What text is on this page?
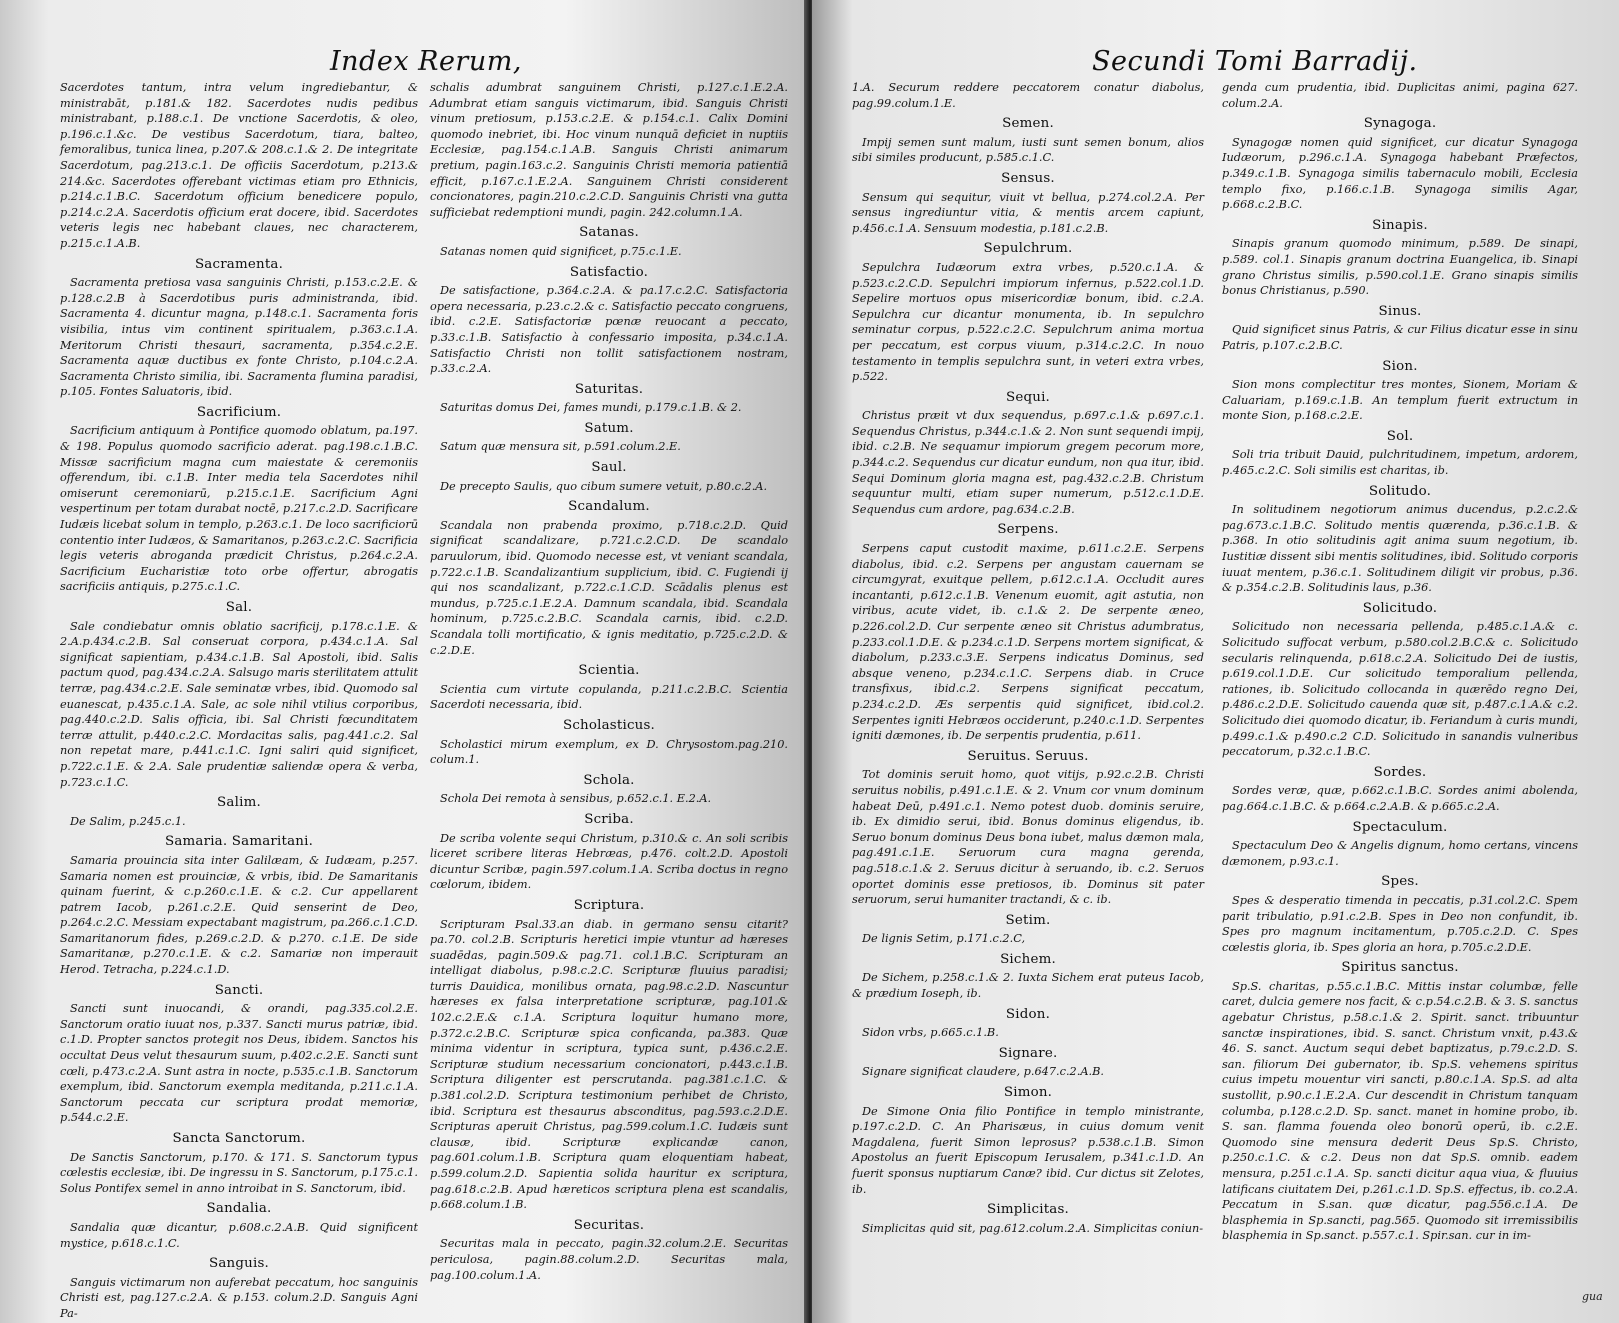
Index Rerum,
Sacerdotes tantum, intra velum ingrediebantur, & ministrabāt, p.181.& 182. Sacerdotes nudis pedibus ministrabant, p.188.c.1. De vnctione Sacerdotis, & oleo, p.196.c.1.&c. De vestibus Sacerdotum, tiara, balteo, femoralibus, tunica linea, p.207.& 208.c.1.& 2. De integritate Sacerdotum, pag.213.c.1. De officiis Sacerdotum, p.213.& 214.&c. Sacerdotes offerebant victimas etiam pro Ethnicis, p.214.c.1.B.C. Sacerdotum officium benedicere populo, p.214.c.2.A. Sacerdotis officium erat docere, ibid. Sacerdotes veteris legis nec habebant claues, nec characterem, p.215.c.1.A.B.
Sacramenta.
Sacramenta pretiosa vasa sanguinis Christi, p.153.c.2.E. & p.128.c.2.B à Sacerdotibus puris administranda, ibid. Sacramenta 4. dicuntur magna, p.148.c.1. Sacramenta foris visibilia, intus vim continent spiritualem, p.363.c.1.A. Meritorum Christi thesauri, sacramenta, p.354.c.2.E. Sacramenta aquæ ductibus ex fonte Christo, p.104.c.2.A. Sacramenta Christo similia, ibi. Sacramenta flumina paradisi, p.105. Fontes Saluatoris, ibid.
Sacrificium.
Sacrificium antiquum à Pontifice quomodo oblatum, pa.197. & 198. Populus quomodo sacrificio aderat. pag.198.c.1.B.C. Missæ sacrificium magna cum maiestate & ceremoniis offerendum, ibi. c.1.B. Inter media tela Sacerdotes nihil omiserunt ceremoniarū, p.215.c.1.E. Sacrificium Agni vespertinum per totam durabat noctē, p.217.c.2.D. Sacrificare Iudæis licebat solum in templo, p.263.c.1. De loco sacrificiorū contentio inter Iudæos, & Samaritanos, p.263.c.2.C. Sacrificia legis veteris abroganda prædicit Christus, p.264.c.2.A. Sacrificium Eucharistiæ toto orbe offertur, abrogatis sacrificiis antiquis, p.275.c.1.C.
Sal.
Sale condiebatur omnis oblatio sacrificij, p.178.c.1.E. & 2.A.p.434.c.2.B. Sal conseruat corpora, p.434.c.1.A. Sal significat sapientiam, p.434.c.1.B. Sal Apostoli, ibid. Salis pactum quod, pag.434.c.2.A. Salsugo maris sterilitatem attulit terræ, pag.434.c.2.E. Sale seminatæ vrbes, ibid. Quomodo sal euanescat, p.435.c.1.A. Sale, ac sole nihil vtilius corporibus, pag.440.c.2.D. Salis officia, ibi. Sal Christi fœcunditatem terræ attulit, p.440.c.2.C. Mordacitas salis, pag.441.c.2. Sal non repetat mare, p.441.c.1.C. Igni saliri quid significet, p.722.c.1.E. & 2.A. Sale prudentiæ saliendæ opera & verba, p.723.c.1.C.
Salim.
De Salim, p.245.c.1.
Samaria. Samaritani.
Samaria prouincia sita inter Galilæam, & Iudæam, p.257. Samaria nomen est prouinciæ, & vrbis, ibid. De Samaritanis quinam fuerint, & c.p.260.c.1.E. & c.2. Cur appellarent patrem Iacob, p.261.c.2.E. Quid senserint de Deo, p.264.c.2.C. Messiam expectabant magistrum, pa.266.c.1.C.D. Samaritanorum fides, p.269.c.2.D. & p.270. c.1.E. De side Samaritanæ, p.270.c.1.E. & c.2. Samariæ non imperauit Herod. Tetracha, p.224.c.1.D.
Sancti.
Sancti sunt inuocandi, & orandi, pag.335.col.2.E. Sanctorum oratio iuuat nos, p.337. Sancti murus patriæ, ibid. c.1.D. Propter sanctos protegit nos Deus, ibidem. Sanctos his occultat Deus velut thesaurum suum, p.402.c.2.E. Sancti sunt cœli, p.473.c.2.A. Sunt astra in nocte, p.535.c.1.B. Sanctorum exemplum, ibid. Sanctorum exempla meditanda, p.211.c.1.A. Sanctorum peccata cur scriptura prodat memoriæ, p.544.c.2.E.
Sancta Sanctorum.
De Sanctis Sanctorum, p.170. & 171. S. Sanctorum typus cœlestis ecclesiæ, ibi. De ingressu in S. Sanctorum, p.175.c.1. Solus Pontifex semel in anno introibat in S. Sanctorum, ibid.
Sandalia.
Sandalia quæ dicantur, p.608.c.2.A.B. Quid significent mystice, p.618.c.1.C.
Sanguis.
Sanguis victimarum non auferebat peccatum, hoc sanguinis Christi est, pag.127.c.2.A. & p.153. colum.2.D. Sanguis Agni Pa-
schalis adumbrat sanguinem Christi, p.127.c.1.E.2.A. Adumbrat etiam sanguis victimarum, ibid. Sanguis Christi vinum pretiosum, p.153.c.2.E. & p.154.c.1. Calix Domini quomodo inebriet, ibi. Hoc vinum nunquā deficiet in nuptiis Ecclesiæ, pag.154.c.1.A.B. Sanguis Christi animarum pretium, pagin.163.c.2. Sanguinis Christi memoria patientiā efficit, p.167.c.1.E.2.A. Sanguinem Christi considerent concionatores, pagin.210.c.2.C.D. Sanguinis Christi vna gutta sufficiebat redemptioni mundi, pagin. 242.column.1.A.
Satanas.
Satanas nomen quid significet, p.75.c.1.E.
Satisfactio.
De satisfactione, p.364.c.2.A. & pa.17.c.2.C. Satisfactoria opera necessaria, p.23.c.2.& c. Satisfactio peccato congruens, ibid. c.2.E. Satisfactoriæ pœnæ reuocant a peccato, p.33.c.1.B. Satisfactio à confessario imposita, p.34.c.1.A. Satisfactio Christi non tollit satisfactionem nostram, p.33.c.2.A.
Saturitas.
Saturitas domus Dei, fames mundi, p.179.c.1.B. & 2.
Satum.
Satum quæ mensura sit, p.591.colum.2.E.
Saul.
De precepto Saulis, quo cibum sumere vetuit, p.80.c.2.A.
Scandalum.
Scandala non prabenda proximo, p.718.c.2.D. Quid significat scandalizare, p.721.c.2.C.D. De scandalo paruulorum, ibid. Quomodo necesse est, vt veniant scandala, p.722.c.1.B. Scandalizantium supplicium, ibid. C. Fugiendi ij qui nos scandalizant, p.722.c.1.C.D. Scādalis plenus est mundus, p.725.c.1.E.2.A. Damnum scandala, ibid. Scandala hominum, p.725.c.2.B.C. Scandala carnis, ibid. c.2.D. Scandala tolli mortificatio, & ignis meditatio, p.725.c.2.D. & c.2.D.E.
Scientia.
Scientia cum virtute copulanda, p.211.c.2.B.C. Scientia Sacerdoti necessaria, ibid.
Scholasticus.
Scholastici mirum exemplum, ex D. Chrysostom.pag.210. colum.1.
Schola.
Schola Dei remota à sensibus, p.652.c.1. E.2.A.
Scriba.
De scriba volente sequi Christum, p.310.& c. An soli scribis liceret scribere literas Hebræas, p.476. colt.2.D. Apostoli dicuntur Scribæ, pagin.597.colum.1.A. Scriba doctus in regno cœlorum, ibidem.
Scriptura.
Scripturam Psal.33.an diab. in germano sensu citarit? pa.70. col.2.B. Scripturis heretici impie vtuntur ad hæreses suadēdas, pagin.509.& pag.71. col.1.B.C. Scripturam an intelligat diabolus, p.98.c.2.C. Scripturæ fluuius paradisi; turris Dauidica, monilibus ornata, pag.98.c.2.D. Nascuntur hæreses ex falsa interpretatione scripturæ, pag.101.& 102.c.2.E.& c.1.A. Scriptura loquitur humano more, p.372.c.2.B.C. Scripturæ spica conficanda, pa.383. Quæ minima videntur in scriptura, typica sunt, p.436.c.2.E. Scripturæ studium necessarium concionatori, p.443.c.1.B. Scriptura diligenter est perscrutanda. pag.381.c.1.C. & p.381.col.2.D. Scriptura testimonium perhibet de Christo, ibid. Scriptura est thesaurus absconditus, pag.593.c.2.D.E. Scripturas aperuit Christus, pag.599.colum.1.C. Iudæis sunt clausæ, ibid. Scripturæ explicandæ canon, pag.601.colum.1.B. Scriptura quam eloquentiam habeat, p.599.colum.2.D. Sapientia solida hauritur ex scriptura, pag.618.c.2.B. Apud hæreticos scriptura plena est scandalis, p.668.colum.1.B.
Securitas.
Securitas mala in peccato, pagin.32.colum.2.E. Securitas periculosa, pagin.88.colum.2.D. Securitas mala, pag.100.colum.1.A.
Secundi Tomi Barradij.
1.A. Securum reddere peccatorem conatur diabolus, pag.99.colum.1.E.
Semen.
Impij semen sunt malum, iusti sunt semen bonum, alios sibi similes producunt, p.585.c.1.C.
Sensus.
Sensum qui sequitur, viuit vt bellua, p.274.col.2.A. Per sensus ingrediuntur vitia, & mentis arcem capiunt, p.456.c.1.A. Sensuum modestia, p.181.c.2.B.
Sepulchrum.
Sepulchra Iudæorum extra vrbes, p.520.c.1.A. & p.523.c.2.C.D. Sepulchri impiorum infernus, p.522.col.1.D. Sepelire mortuos opus misericordiæ bonum, ibid. c.2.A. Sepulchra cur dicantur monumenta, ib. In sepulchro seminatur corpus, p.522.c.2.C. Sepulchrum anima mortua per peccatum, est corpus viuum, p.314.c.2.C. In nouo testamento in templis sepulchra sunt, in veteri extra vrbes, p.522.
Sequi.
Christus præit vt dux sequendus, p.697.c.1.& p.697.c.1. Sequendus Christus, p.344.c.1.& 2. Non sunt sequendi impij, ibid. c.2.B. Ne sequamur impiorum gregem pecorum more, p.344.c.2. Sequendus cur dicatur eundum, non qua itur, ibid. Sequi Dominum gloria magna est, pag.432.c.2.B. Christum sequuntur multi, etiam super numerum, p.512.c.1.D.E. Sequendus cum ardore, pag.634.c.2.B.
Serpens.
Serpens caput custodit maxime, p.611.c.2.E. Serpens diabolus, ibid. c.2. Serpens per angustam cauernam se circumgyrat, exuitque pellem, p.612.c.1.A. Occludit aures incantanti, p.612.c.1.B. Venenum euomit, agit astutia, non viribus, acute videt, ib. c.1.& 2. De serpente æneo, p.226.col.2.D. Cur serpente æneo sit Christus adumbratus, p.233.col.1.D.E. & p.234.c.1.D. Serpens mortem significat, & diabolum, p.233.c.3.E. Serpens indicatus Dominus, sed absque veneno, p.234.c.1.C. Serpens diab. in Cruce transfixus, ibid.c.2. Serpens significat peccatum, p.234.c.2.D. Æs serpentis quid significet, ibid.col.2. Serpentes igniti Hebræos occiderunt, p.240.c.1.D. Serpentes igniti dæmones, ib. De serpentis prudentia, p.611.
Seruitus. Seruus.
Tot dominis seruit homo, quot vitijs, p.92.c.2.B. Christi seruitus nobilis, p.491.c.1.E. & 2. Vnum cor vnum dominum habeat Deū, p.491.c.1. Nemo potest duob. dominis seruire, ib. Ex dimidio serui, ibid. Bonus dominus eligendus, ib. Seruo bonum dominus Deus bona iubet, malus dæmon mala, pag.491.c.1.E. Seruorum cura magna gerenda, pag.518.c.1.& 2. Seruus dicitur à seruando, ib. c.2. Seruos oportet dominis esse pretiosos, ib. Dominus sit pater seruorum, serui humaniter tractandi, & c. ib.
Setim.
De lignis Setim, p.171.c.2.C,
Sichem.
De Sichem, p.258.c.1.& 2. Iuxta Sichem erat puteus Iacob, & prædium Ioseph, ib.
Sidon.
Sidon vrbs, p.665.c.1.B.
Signare.
Signare significat claudere, p.647.c.2.A.B.
Simon.
De Simone Onia filio Pontifice in templo ministrante, p.197.c.2.D. C. An Pharisæus, in cuius domum venit Magdalena, fuerit Simon leprosus? p.538.c.1.B. Simon Apostolus an fuerit Episcopum Ierusalem, p.341.c.1.D. An fuerit sponsus nuptiarum Canæ? ibid. Cur dictus sit Zelotes, ib.
Simplicitas.
Simplicitas quid sit, pag.612.colum.2.A. Simplicitas coniun-
genda cum prudentia, ibid. Duplicitas animi, pagina 627. colum.2.A.
Synagoga.
Synagogæ nomen quid significet, cur dicatur Synagoga Iudæorum, p.296.c.1.A. Synagoga habebant Præfectos, p.349.c.1.B. Synagoga similis tabernaculo mobili, Ecclesia templo fixo, p.166.c.1.B. Synagoga similis Agar, p.668.c.2.B.C.
Sinapis.
Sinapis granum quomodo minimum, p.589. De sinapi, p.589. col.1. Sinapis granum doctrina Euangelica, ib. Sinapi grano Christus similis, p.590.col.1.E. Grano sinapis similis bonus Christianus, p.590.
Sinus.
Quid significet sinus Patris, & cur Filius dicatur esse in sinu Patris, p.107.c.2.B.C.
Sion.
Sion mons complectitur tres montes, Sionem, Moriam & Caluariam, p.169.c.1.B. An templum fuerit extructum in monte Sion, p.168.c.2.E.
Sol.
Soli tria tribuit Dauid, pulchritudinem, impetum, ardorem, p.465.c.2.C. Soli similis est charitas, ib.
Solitudo.
In solitudinem negotiorum animus ducendus, p.2.c.2.& pag.673.c.1.B.C. Solitudo mentis quærenda, p.36.c.1.B. & p.368. In otio solitudinis agit anima suum negotium, ib. Iustitiæ dissent sibi mentis solitudines, ibid. Solitudo corporis iuuat mentem, p.36.c.1. Solitudinem diligit vir probus, p.36. & p.354.c.2.B. Solitudinis laus, p.36.
Solicitudo.
Solicitudo non necessaria pellenda, p.485.c.1.A.& c. Solicitudo suffocat verbum, p.580.col.2.B.C.& c. Solicitudo secularis relinquenda, p.618.c.2.A. Solicitudo Dei de iustis, p.619.col.1.D.E. Cur solicitudo temporalium pellenda, rationes, ib. Solicitudo collocanda in quærēdo regno Dei, p.486.c.2.D.E. Solicitudo cauenda quæ sit, p.487.c.1.A.& c.2. Solicitudo diei quomodo dicatur, ib. Feriandum à curis mundi, p.499.c.1.& p.490.c.2 C.D. Solicitudo in sanandis vulneribus peccatorum, p.32.c.1.B.C.
Sordes.
Sordes veræ, quæ, p.662.c.1.B.C. Sordes animi abolenda, pag.664.c.1.B.C. & p.664.c.2.A.B. & p.665.c.2.A.
Spectaculum.
Spectaculum Deo & Angelis dignum, homo certans, vincens dæmonem, p.93.c.1.
Spes.
Spes & desperatio timenda in peccatis, p.31.col.2.C. Spem parit tribulatio, p.91.c.2.B. Spes in Deo non confundit, ib. Spes pro magnum incitamentum, p.705.c.2.D. C. Spes cœlestis gloria, ib. Spes gloria an hora, p.705.c.2.D.E.
Spiritus sanctus.
Sp.S. charitas, p.55.c.1.B.C. Mittis instar columbæ, felle caret, dulcia gemere nos facit, & c.p.54.c.2.B. & 3. S. sanctus agebatur Christus, p.58.c.1.& 2. Spirit. sanct. tribuuntur sanctæ inspirationes, ibid. S. sanct. Christum vnxit, p.43.& 46. S. sanct. Auctum sequi debet baptizatus, p.79.c.2.D. S. san. filiorum Dei gubernator, ib. Sp.S. vehemens spiritus cuius impetu mouentur viri sancti, p.80.c.1.A. Sp.S. ad alta sustollit, p.90.c.1.E.2.A. Cur descendit in Christum tanquam columba, p.128.c.2.D. Sp. sanct. manet in homine probo, ib. S. san. flamma fouenda oleo bonorū operū, ib. c.2.E. Quomodo sine mensura dederit Deus Sp.S. Christo, p.250.c.1.C. & c.2. Deus non dat Sp.S. omnib. eadem mensura, p.251.c.1.A. Sp. sancti dicitur aqua viua, & fluuius latificans ciuitatem Dei, p.261.c.1.D. Sp.S. effectus, ib. co.2.A. Peccatum in S.san. quæ dicatur, pag.556.c.1.A. De blasphemia in Sp.sancti, pag.565. Quomodo sit irremissibilis blasphemia in Sp.sanct. p.557.c.1. Spir.san. cur in im-
gua
